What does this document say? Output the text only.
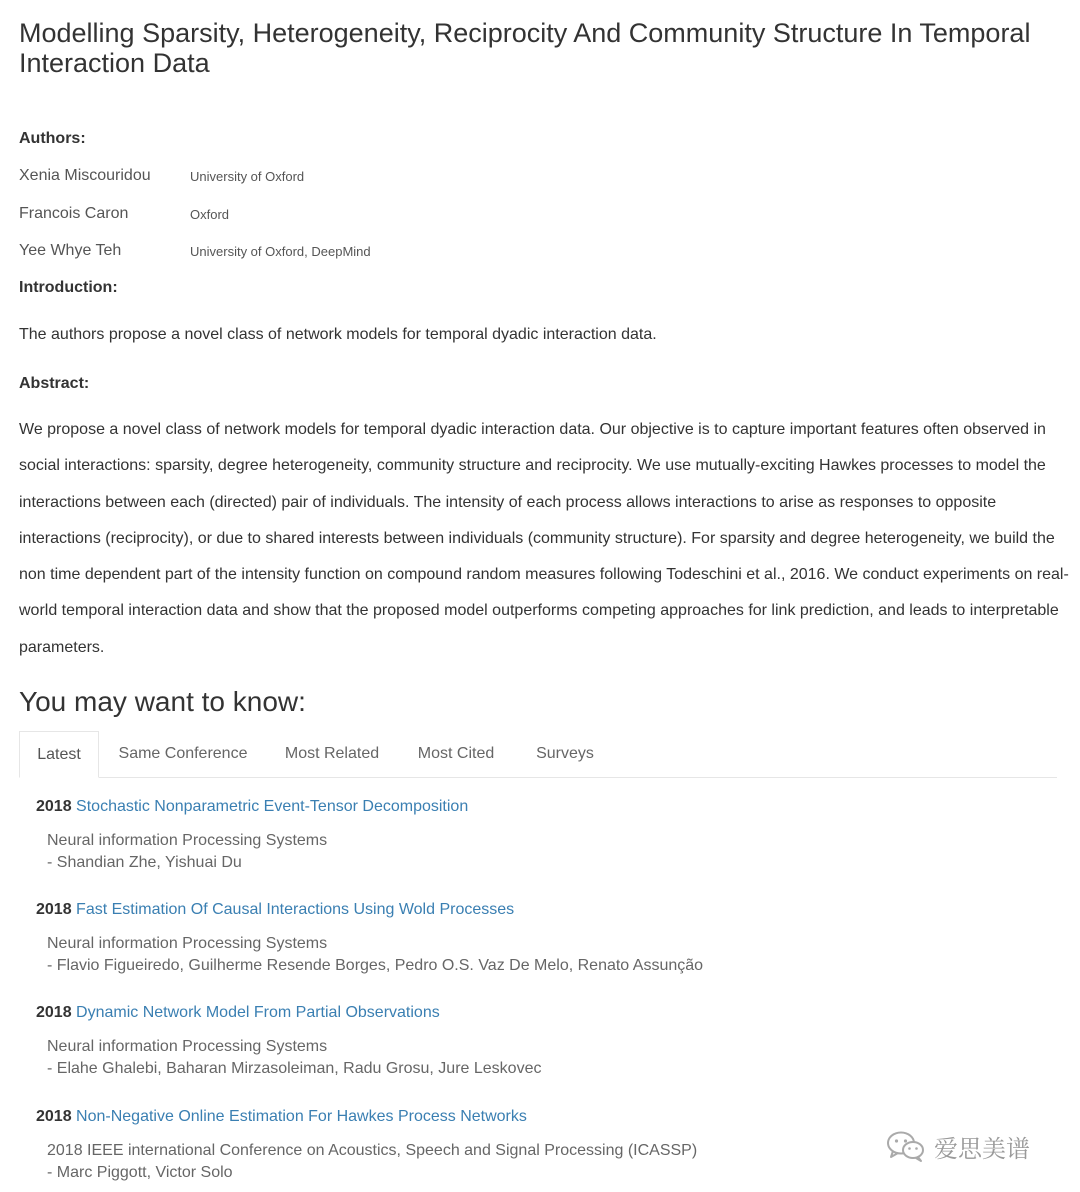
Modelling Sparsity, Heterogeneity, Reciprocity And Community Structure In Temporal Interaction Data
Authors:
Xenia Miscouridou	University of Oxford
Francois Caron	Oxford
Yee Whye Teh	University of Oxford, DeepMind
Introduction:

The authors propose a novel class of network models for temporal dyadic interaction data.

Abstract:

We propose a novel class of network models for temporal dyadic interaction data. Our objective is to capture important features often observed in social interactions: sparsity, degree heterogeneity, community structure and reciprocity. We use mutually-exciting Hawkes processes to model the interactions between each (directed) pair of individuals. The intensity of each process allows interactions to arise as responses to opposite interactions (reciprocity), or due to shared interests between individuals (community structure). For sparsity and degree heterogeneity, we build the non time dependent part of the intensity function on compound random measures following Todeschini et al., 2016. We conduct experiments on real-world temporal interaction data and show that the proposed model outperforms competing approaches for link prediction, and leads to interpretable parameters.

You may want to know:
Latest	Same Conference	Most Related	Most Cited	Surveys
2018 Stochastic Nonparametric Event-Tensor Decomposition
Neural information Processing Systems
- Shandian Zhe, Yishuai Du
2018 Fast Estimation Of Causal Interactions Using Wold Processes
Neural information Processing Systems
- Flavio Figueiredo, Guilherme Resende Borges, Pedro O.S. Vaz De Melo, Renato Assunção
2018 Dynamic Network Model From Partial Observations
Neural information Processing Systems
- Elahe Ghalebi, Baharan Mirzasoleiman, Radu Grosu, Jure Leskovec
2018 Non-Negative Online Estimation For Hawkes Process Networks
2018 IEEE international Conference on Acoustics, Speech and Signal Processing (ICASSP)
- Marc Piggott, Victor Solo
爱思美谱
